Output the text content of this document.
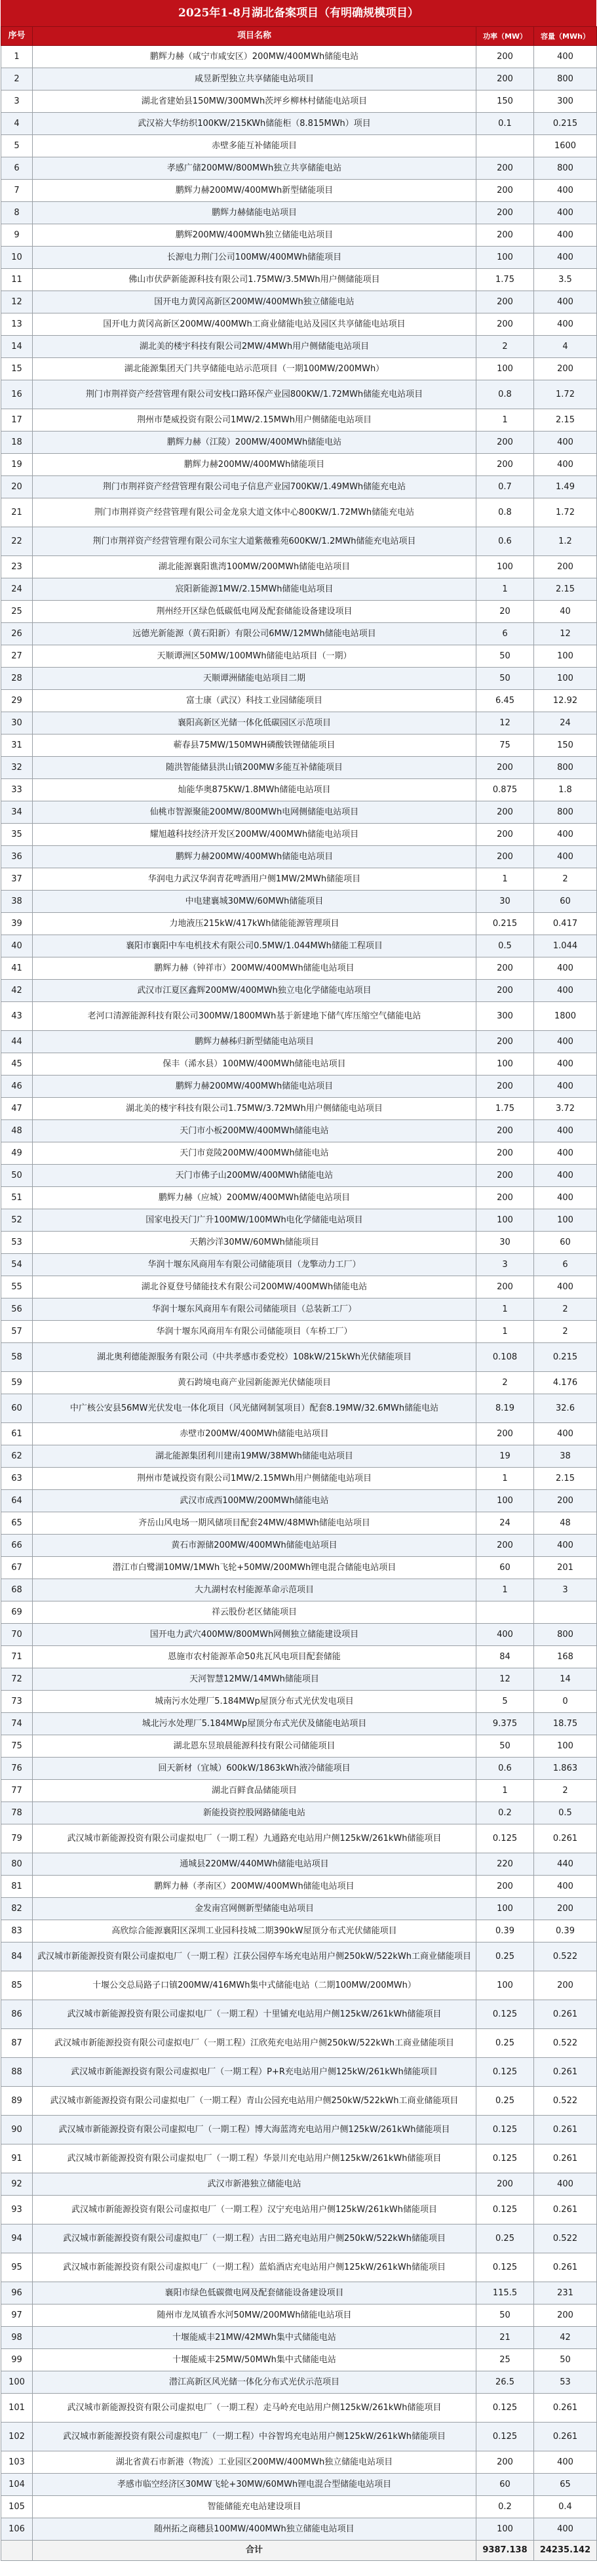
2025年1-8月湖北备案项目（有明确规模项目）
序号	项目名称	功率（MW）	容量（MWh）
1	鹏辉力赫（咸宁市咸安区）200MW/400MWh储能电站	200	400
2	咸昱新型独立共享储能电站项目	200	800
3	湖北省建始县150MW/300MWh茨坪乡柳林村储能电站项目	150	300
4	武汉裕大华纺织100KW/215KWh储能柜（8.815MWh）项目	0.1	0.215
5	赤壁多能互补储能项目		1600
6	孝感广储200MW/800MWh独立共享储能电站	200	800
7	鹏辉力赫200MW/400MWh新型储能项目	200	400
8	鹏辉力赫储能电站项目	200	400
9	鹏辉200MW/400MWh独立储能电站项目	200	400
10	长源电力荆门公司100MW/400MWh储能项目	100	400
11	佛山市伏萨新能源科技有限公司1.75MW/3.5MWh用户侧储能项目	1.75	3.5
12	国开电力黄冈高新区200MW/400MWh独立储能电站	200	400
13	国开电力黄冈高新区200MW/400MWh工商业储能电站及园区共享储能电站项目	200	400
14	湖北美的楼宇科技有限公司2MW/4MWh用户侧储能电站项目	2	4
15	湖北能源集团天门共享储能电站示范项目（一期100MW/200MWh）	100	200
16	荆门市荆祥资产经营管理有限公司安栈口路环保产业园800KW/1.72MWh储能充电站项目	0.8	1.72
17	荆州市楚威投资有限公司1MW/2.15MWh用户侧储能电站项目	1	2.15
18	鹏辉力赫（江陵）200MW/400MWh储能电站	200	400
19	鹏辉力赫200MW/400MWh储能项目	200	400
20	荆门市荆祥资产经营管理有限公司电子信息产业园700KW/1.49MWh储能充电站	0.7	1.49
21	荆门市荆祥资产经营管理有限公司金龙泉大道文体中心800KW/1.72MWh储能充电站	0.8	1.72
22	荆门市荆祥资产经营管理有限公司东宝大道紫薇雅苑600KW/1.2MWh储能充电站项目	0.6	1.2
23	湖北能源襄阳谯湾100MW/200MWh储能电站项目	100	200
24	宸阳新能源1MW/2.15MWh储能电站项目	1	2.15
25	荆州经开区绿色低碳低电网及配套储能设备建设项目	20	40
26	远德光新能源（黄石阳新）有限公司6MW/12MWh储能电站项目	6	12
27	天顺谭洲区50MW/100MWh储能电站项目（一期）	50	100
28	天顺谭洲储能电站项目二期	50	100
29	富士康（武汉）科技工业园储能项目	6.45	12.92
30	襄阳高新区光储一体化低碳园区示范项目	12	24
31	蕲春县75MW/150MWH磷酸铁锂储能项目	75	150
32	随洪智能储县洪山镇200MW多能互补储能项目	200	800
33	灿能华奥875KW/1.8MWh储能电站项目	0.875	1.8
34	仙桃市智源聚能200MW/800MWh电网侧储能电站项目	200	800
35	耀旭越科技经济开发区200MW/400MWh储能电站项目	200	400
36	鹏辉力赫200MW/400MWh储能电站项目	200	400
37	华润电力武汉华润青花啤酒用户侧1MW/2MWh储能项目	1	2
38	中电建襄城30MW/60MWh储能项目	30	60
39	力地液压215kW/417kWh储能能源管理项目	0.215	0.417
40	襄阳市襄阳中车电机技术有限公司0.5MW/1.044MWh储能工程项目	0.5	1.044
41	鹏辉力赫（钟祥市）200MW/400MWh储能电站项目	200	400
42	武汉市江夏区鑫辉200MW/400MWh独立电化学储能电站项目	200	400
43	老河口清源能源科技有限公司300MW/1800MWh基于新建地下储气库压缩空气储能电站	300	1800
44	鹏辉力赫秭归新型储能电站项目	200	400
45	保丰（浠水县）100MW/400MWh储能电站项目	100	400
46	鹏辉力赫200MW/400MWh储能电站项目	200	400
47	湖北美的楼宇科技有限公司1.75MW/3.72MWh用户侧储能电站项目	1.75	3.72
48	天门市小板200MW/400MWh储能电站	200	400
49	天门市竟陵200MW/400MWh储能电站	200	400
50	天门市佛子山200MW/400MWh储能电站	200	400
51	鹏辉力赫（应城）200MW/400MWh储能电站项目	200	400
52	国家电投天门广升100MW/100MWh电化学储能电站项目	100	100
53	天鹅沙洋30MW/60MWh储能项目	30	60
54	华润十堰东风商用车有限公司储能项目（龙擎动力工厂）	3	6
55	湖北谷夏登号储能技术有限公司200MW/400MWh储能电站	200	400
56	华润十堰东风商用车有限公司储能项目（总装新工厂）	1	2
57	华润十堰东风商用车有限公司储能项目（车桥工厂）	1	2
58	湖北奥利德能源服务有限公司（中共孝感市委党校）108kW/215kWh光伏储能项目	0.108	0.215
59	黄石跨境电商产业园新能源光伏储能项目	2	4.176
60	中广核公安县56MW光伏发电一体化项目（风光储网制氢项目）配套8.19MW/32.6MWh储能电站	8.19	32.6
61	赤壁市200MW/400MWh储能电站项目	200	400
62	湖北能源集团利川建南19MW/38MWh储能电站项目	19	38
63	荆州市楚诚投资有限公司1MW/2.15MWh用户侧储能电站项目	1	2.15
64	武汉市成西100MW/200MWh储能电站	100	200
65	齐岳山风电场一期风储项目配套24MW/48MWh储能电站项目	24	48
66	黄石市源储200MW/400MWh储能电站项目	200	400
67	潜江市白鹭湖10MW/1MWh飞轮+50MW/200MWh锂电混合储能电站项目	60	201
68	大九湖村农村能源革命示范项目	1	3
69	祥云股份老区储能项目		
70	国开电力武穴400MW/800MWh网侧独立储能建设项目	400	800
71	恩施市农村能源革命50兆瓦风电项目配套储能	84	168
72	天河智慧12MW/14MWh储能项目	12	14
73	城南污水处理厂5.184MWp屋顶分布式光伏发电项目	5	0
74	城北污水处理厂5.184MWp屋顶分布式光伏及储能电站项目	9.375	18.75
75	湖北恩东昱琅晨能源科技有限公司储能项目	50	100
76	回天新材（宜城）600kW/1863kWh液冷储能项目	0.6	1.863
77	湖北百鲜食品储能项目	1	2
78	新能投资控股网路储能电站	0.2	0.5
79	武汉城市新能源投资有限公司虚拟电厂（一期工程）九通路充电站用户侧125kW/261kWh储能项目	0.125	0.261
80	通城县220MW/440MWh储能电站项目	220	440
81	鹏辉力赫（孝南区）200MW/400MWh储能电站项目	200	400
82	金发南宫网侧新型储能电站项目	100	200
83	高欣综合能源襄阳区深圳工业园科技城二期390kW屋顶分布式光伏储能项目	0.39	0.39
84	武汉城市新能源投资有限公司虚拟电厂（一期工程）江获公园停车场充电站用户侧250kW/522kWh工商业储能项目	0.25	0.522
85	十堰公交总局路子口镇200MW/416MWh集中式储能电站（二期100MW/200MWh）	100	200
86	武汉城市新能源投资有限公司虚拟电厂（一期工程）十里铺充电站用户侧125kW/261kWh储能项目	0.125	0.261
87	武汉城市新能源投资有限公司虚拟电厂（一期工程）江欣苑充电站用户侧250kW/522kWh工商业储能项目	0.25	0.522
88	武汉城市新能源投资有限公司虚拟电厂（一期工程）P+R充电站用户侧125kW/261kWh储能项目	0.125	0.261
89	武汉城市新能源投资有限公司虚拟电厂（一期工程）青山公园充电站用户侧250kW/522kWh工商业储能项目	0.25	0.522
90	武汉城市新能源投资有限公司虚拟电厂（一期工程）博大海蓝湾充电站用户侧125kW/261kWh储能项目	0.125	0.261
91	武汉城市新能源投资有限公司虚拟电厂（一期工程）华景川充电站用户侧125kW/261kWh储能项目	0.125	0.261
92	武汉市新港独立储能电站	200	400
93	武汉城市新能源投资有限公司虚拟电厂（一期工程）汉宁充电站用户侧125kW/261kWh储能项目	0.125	0.261
94	武汉城市新能源投资有限公司虚拟电厂（一期工程）古田二路充电站用户侧250kW/522kWh储能项目	0.25	0.522
95	武汉城市新能源投资有限公司虚拟电厂（一期工程）蓝焰酒店充电站用户侧125kW/261kWh储能项目	0.125	0.261
96	襄阳市绿色低碳微电网及配套储能设备建设项目	115.5	231
97	随州市龙凤镇香水河50MW/200MWh储能电站项目	50	200
98	十堰能威丰21MW/42MWh集中式储能电站	21	42
99	十堰能威丰25MW/50MWh集中式储能电站	25	50
100	潜江高新区风光储一体化分布式光伏示范项目	26.5	53
101	武汉城市新能源投资有限公司虚拟电厂（一期工程）走马岭充电站用户侧125kW/261kWh储能项目	0.125	0.261
102	武汉城市新能源投资有限公司虚拟电厂（一期工程）中谷智坞充电站用户侧125kW/261kWh储能项目	0.125	0.261
103	湖北省黄石市新港（物流）工业园区200MW/400MWh独立储能电站项目	200	400
104	孝感市临空经济区30MW飞轮+30MW/60MWh锂电混合型储能电站项目	60	65
105	智能储能充电站建设项目	0.2	0.4
106	随州拓之商穗县100MW/400MWh独立储能电站项目	100	400
	合计	9387.138	24235.142
